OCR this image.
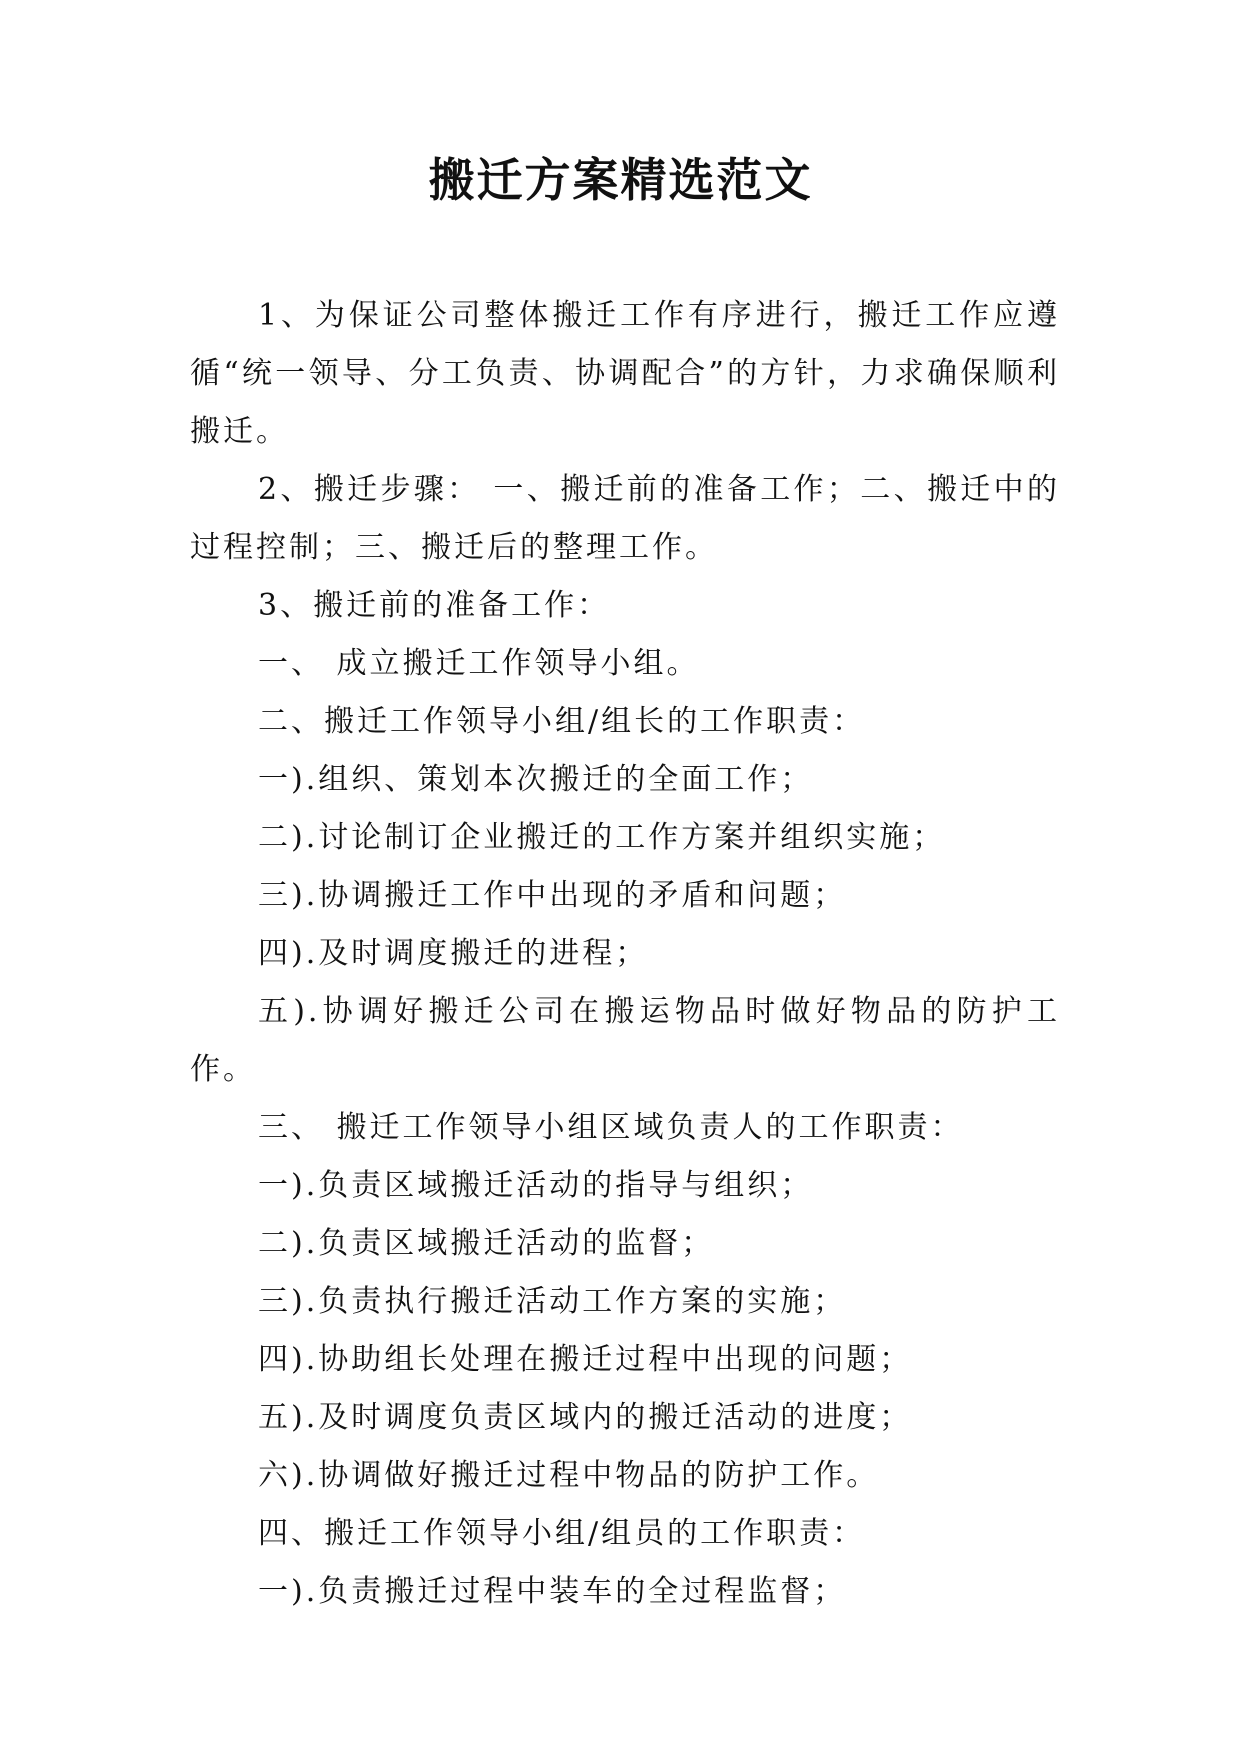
搬迁方案精选范文

1、为保证公司整体搬迁工作有序进行，搬迁工作应遵循“统一领导、分工负责、协调配合”的方针，力求确保顺利搬迁。

2、搬迁步骤： 一、搬迁前的准备工作；二、搬迁中的过程控制；三、搬迁后的整理工作。

3、搬迁前的准备工作：

一、 成立搬迁工作领导小组。

二、搬迁工作领导小组/组长的工作职责：

一).组织、策划本次搬迁的全面工作；

二).讨论制订企业搬迁的工作方案并组织实施；

三).协调搬迁工作中出现的矛盾和问题；

四).及时调度搬迁的进程；

五).协调好搬迁公司在搬运物品时做好物品的防护工作。

三、 搬迁工作领导小组区域负责人的工作职责：

一).负责区域搬迁活动的指导与组织；

二).负责区域搬迁活动的监督；

三).负责执行搬迁活动工作方案的实施；

四).协助组长处理在搬迁过程中出现的问题；

五).及时调度负责区域内的搬迁活动的进度；

六).协调做好搬迁过程中物品的防护工作。

四、搬迁工作领导小组/组员的工作职责：

一).负责搬迁过程中装车的全过程监督；
